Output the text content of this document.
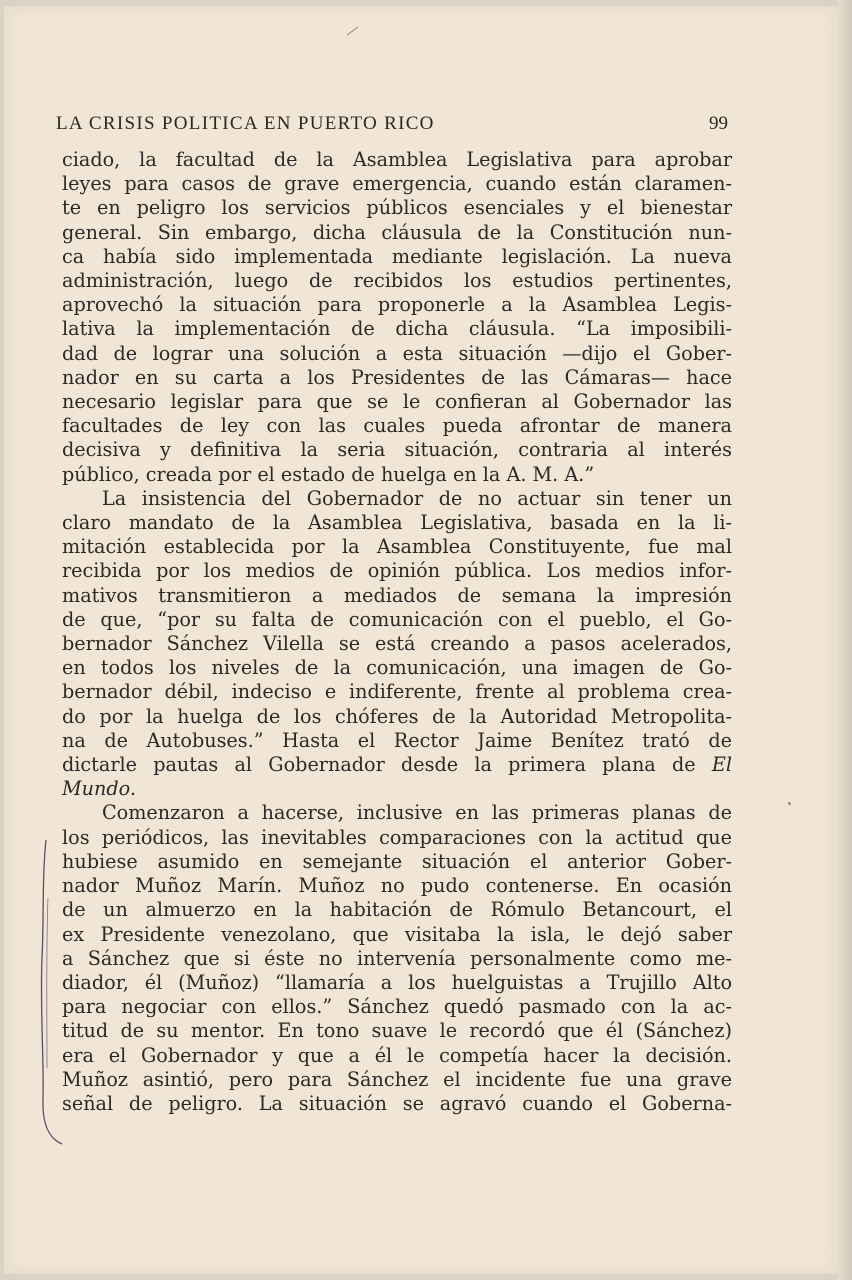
LA CRISIS POLITICA EN PUERTO RICO	99
ciado, la facultad de la Asamblea Legislativa para aprobar
leyes para casos de grave emergencia, cuando están claramen-
te en peligro los servicios públicos esenciales y el bienestar
general. Sin embargo, dicha cláusula de la Constitución nun-
ca había sido implementada mediante legislación. La nueva
administración, luego de recibidos los estudios pertinentes,
aprovechó la situación para proponerle a la Asamblea Legis-
lativa la implementación de dicha cláusula. “La imposibili-
dad de lograr una solución a esta situación —dijo el Gober-
nador en su carta a los Presidentes de las Cámaras— hace
necesario legislar para que se le confieran al Gobernador las
facultades de ley con las cuales pueda afrontar de manera
decisiva y definitiva la seria situación, contraria al interés
público, creada por el estado de huelga en la A. M. A.”
La insistencia del Gobernador de no actuar sin tener un
claro mandato de la Asamblea Legislativa, basada en la li-
mitación establecida por la Asamblea Constituyente, fue mal
recibida por los medios de opinión pública. Los medios infor-
mativos transmitieron a mediados de semana la impresión
de que, “por su falta de comunicación con el pueblo, el Go-
bernador Sánchez Vilella se está creando a pasos acelerados,
en todos los niveles de la comunicación, una imagen de Go-
bernador débil, indeciso e indiferente, frente al problema crea-
do por la huelga de los chóferes de la Autoridad Metropolita-
na de Autobuses.” Hasta el Rector Jaime Benítez trató de
dictarle pautas al Gobernador desde la primera plana de El
Mundo.
Comenzaron a hacerse, inclusive en las primeras planas de
los periódicos, las inevitables comparaciones con la actitud que
hubiese asumido en semejante situación el anterior Gober-
nador Muñoz Marín. Muñoz no pudo contenerse. En ocasión
de un almuerzo en la habitación de Rómulo Betancourt, el
ex Presidente venezolano, que visitaba la isla, le dejó saber
a Sánchez que si éste no intervenía personalmente como me-
diador, él (Muñoz) “llamaría a los huelguistas a Trujillo Alto
para negociar con ellos.” Sánchez quedó pasmado con la ac-
titud de su mentor. En tono suave le recordó que él (Sánchez)
era el Gobernador y que a él le competía hacer la decisión.
Muñoz asintió, pero para Sánchez el incidente fue una grave
señal de peligro. La situación se agravó cuando el Goberna-
